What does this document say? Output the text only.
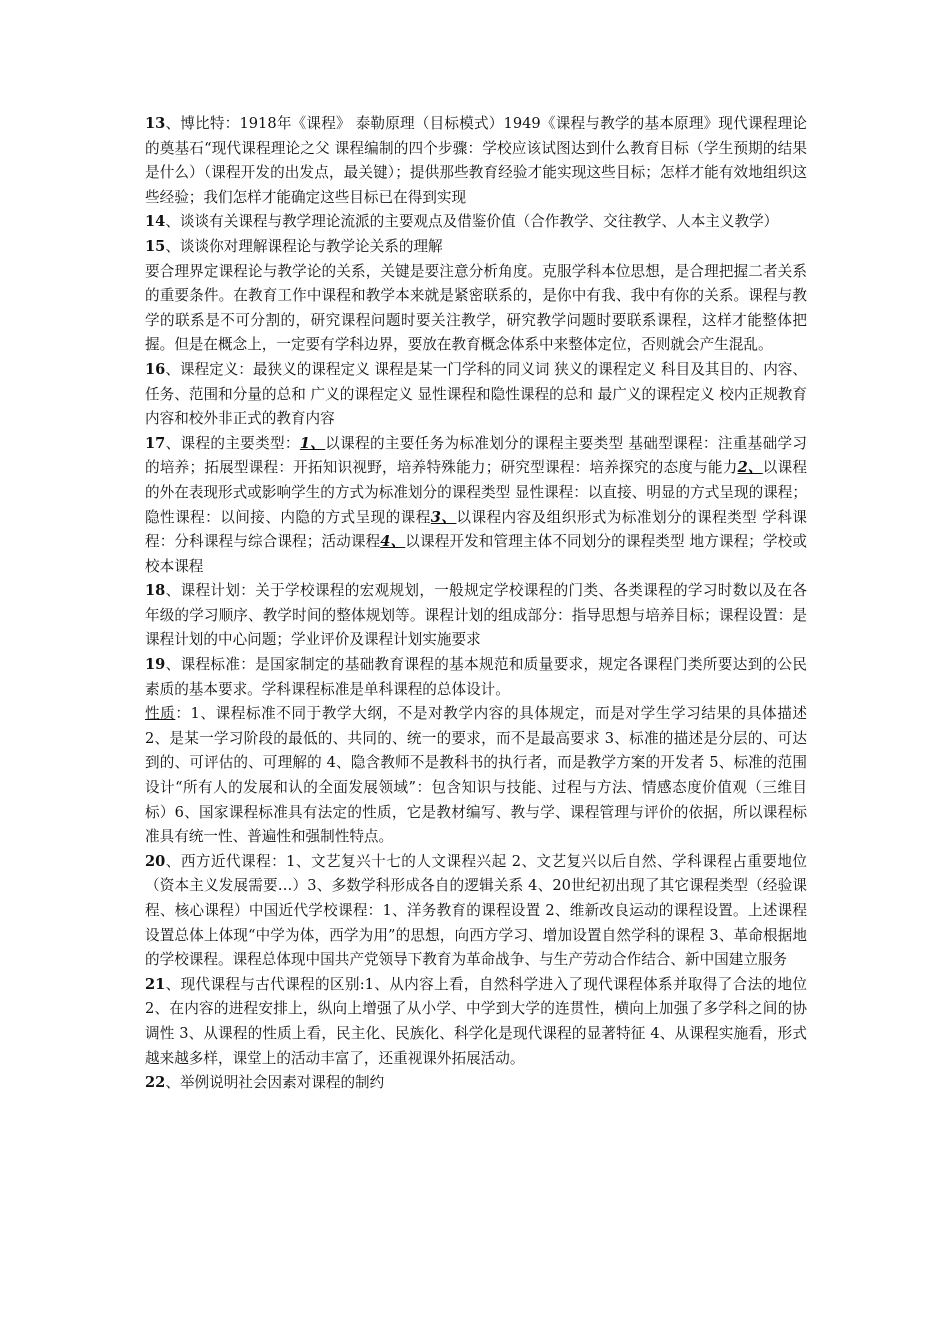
13、博比特：1918年《课程》 泰勒原理（目标模式）1949《课程与教学的基本原理》现代课程理论的奠基石“现代课程理论之父 课程编制的四个步骤：学校应该试图达到什么教育目标（学生预期的结果是什么）（课程开发的出发点，最关键）；提供那些教育经验才能实现这些目标；怎样才能有效地组织这些经验；我们怎样才能确定这些目标已在得到实现

14、谈谈有关课程与教学理论流派的主要观点及借鉴价值（合作教学、交往教学、人本主义教学）

15、谈谈你对理解课程论与教学论关系的理解

要合理界定课程论与教学论的关系，关键是要注意分析角度。克服学科本位思想，是合理把握二者关系的重要条件。在教育工作中课程和教学本来就是紧密联系的，是你中有我、我中有你的关系。课程与教学的联系是不可分割的，研究课程问题时要关注教学，研究教学问题时要联系课程，这样才能整体把握。但是在概念上，一定要有学科边界，要放在教育概念体系中来整体定位，否则就会产生混乱。

16、课程定义：最狭义的课程定义 课程是某一门学科的同义词 狭义的课程定义 科目及其目的、内容、任务、范围和分量的总和 广义的课程定义 显性课程和隐性课程的总和 最广义的课程定义 校内正规教育内容和校外非正式的教育内容

17、课程的主要类型：1、以课程的主要任务为标准划分的课程主要类型 基础型课程：注重基础学习的培养；拓展型课程：开拓知识视野，培养特殊能力；研究型课程：培养探究的态度与能力2、以课程的外在表现形式或影响学生的方式为标准划分的课程类型 显性课程：以直接、明显的方式呈现的课程；隐性课程：以间接、内隐的方式呈现的课程3、以课程内容及组织形式为标准划分的课程类型 学科课程：分科课程与综合课程；活动课程4、以课程开发和管理主体不同划分的课程类型 地方课程；学校或校本课程

18、课程计划：关于学校课程的宏观规划，一般规定学校课程的门类、各类课程的学习时数以及在各年级的学习顺序、教学时间的整体规划等。课程计划的组成部分：指导思想与培养目标；课程设置：是课程计划的中心问题；学业评价及课程计划实施要求

19、课程标准：是国家制定的基础教育课程的基本规范和质量要求，规定各课程门类所要达到的公民素质的基本要求。学科课程标准是单科课程的总体设计。

性质：1、课程标准不同于教学大纲，不是对教学内容的具体规定，而是对学生学习结果的具体描述 2、是某一学习阶段的最低的、共同的、统一的要求，而不是最高要求 3、标准的描述是分层的、可达到的、可评估的、可理解的 4、隐含教师不是教科书的执行者，而是教学方案的开发者 5、标准的范围设计“所有人的发展和认的全面发展领域”：包含知识与技能、过程与方法、情感态度价值观（三维目标）6、国家课程标准具有法定的性质，它是教材编写、教与学、课程管理与评价的依据，所以课程标准具有统一性、普遍性和强制性特点。

20、西方近代课程：1、文艺复兴十七的人文课程兴起 2、文艺复兴以后自然、学科课程占重要地位（资本主义发展需要…）3、多数学科形成各自的逻辑关系 4、20世纪初出现了其它课程类型（经验课程、核心课程）中国近代学校课程：1、洋务教育的课程设置 2、维新改良运动的课程设置。上述课程设置总体上体现“中学为体，西学为用”的思想，向西方学习、增加设置自然学科的课程 3、革命根据地的学校课程。课程总体现中国共产党领导下教育为革命战争、与生产劳动合作结合、新中国建立服务

21、现代课程与古代课程的区别:1、从内容上看，自然科学进入了现代课程体系并取得了合法的地位 2、在内容的进程安排上，纵向上增强了从小学、中学到大学的连贯性，横向上加强了多学科之间的协调性 3、从课程的性质上看，民主化、民族化、科学化是现代课程的显著特征 4、从课程实施看，形式越来越多样，课堂上的活动丰富了，还重视课外拓展活动。

22、举例说明社会因素对课程的制约
